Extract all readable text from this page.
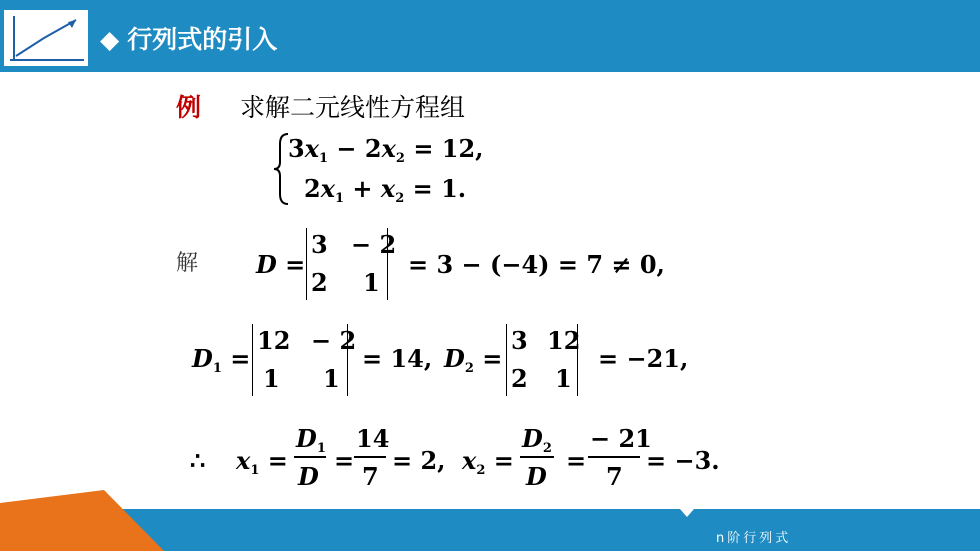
◆ 行列式的引入
例 求解二元线性方程组
$3x_1 - 2x_2 = 12$,
$2x_1 + x_2 = 1$.
解 D =
3 − 2
2 1
= 3 − (−4) = 7 ≠ 0,
$D_1$ =
12 − 2
1 1
= 14, $D_2$ =
3 12
2 1
= −21,
∴ $x_1$ =
$D_1$
D
=
14
7
= 2, $x_2$ =
$D_2$
D
=
− 21
7
= −3.
n阶行列式
